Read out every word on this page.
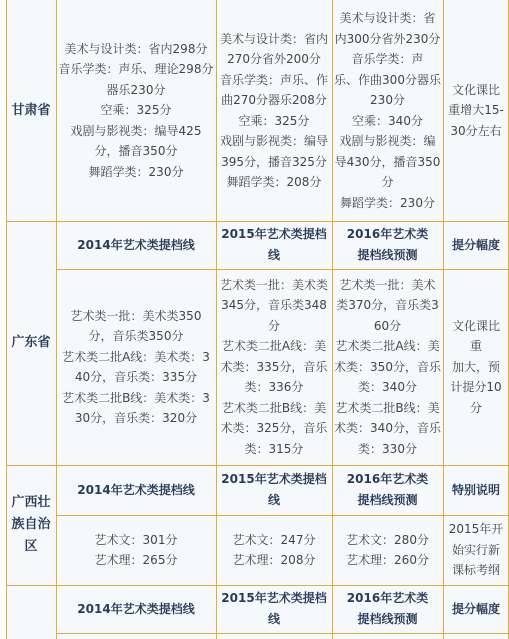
甘肃省
美术与设计类：省内298分
音乐学类：声乐、理论298分
器乐230分
空乘：325分
戏剧与影视类：编导425
分，播音350分
舞蹈学类：230分
美术与设计类：省内
270分省外200分
音乐学类：声乐、作
曲270分器乐208分
空乘：325分
戏剧与影视类：编导
395分，播音325分
舞蹈学类：208分
美术与设计类：省
内300分省外230分
音乐学类：声
乐、作曲300分器乐
230分
空乘：340分
戏剧与影视类：编
导430分，播音350
分
舞蹈学类：230分
文化课比
重增大15-
30分左右
广东省
2014年艺术类提档线
2015年艺术类提档
线
2016年艺术类
提档线预测
提分幅度
艺术类一批：美术类350
分，音乐类350分
艺术类二批A线：美术类：3
40分，音乐类：335分
艺术类二批B线：美术类：3
30分，音乐类：320分
艺术类一批：美术类
345分，音乐类348
分
艺术类二批A线：美
术类：335分，音乐
类：336分
艺术类二批B线：美
术类：325分，音乐
类：315分
艺术类一批：美术
类370分，音乐类3
60分
艺术类二批A线：美
术类：350分，音乐
类：340分
艺术类二批B线：美
术类：340分，音乐
类：330分
文化课比
重
加大，预
计提分10
分
广西壮
族自治
区
2014年艺术类提档线
2015年艺术类提档
线
2016年艺术类
提档线预测
特别说明
艺术文：301分
艺术理：265分
艺术文：247分
艺术理：208分
艺术文：280分
艺术理：260分
2015年开
始实行新
课标考纲
2014年艺术类提档线
2015年艺术类提档
线
2016年艺术类
提档线预测
提分幅度
